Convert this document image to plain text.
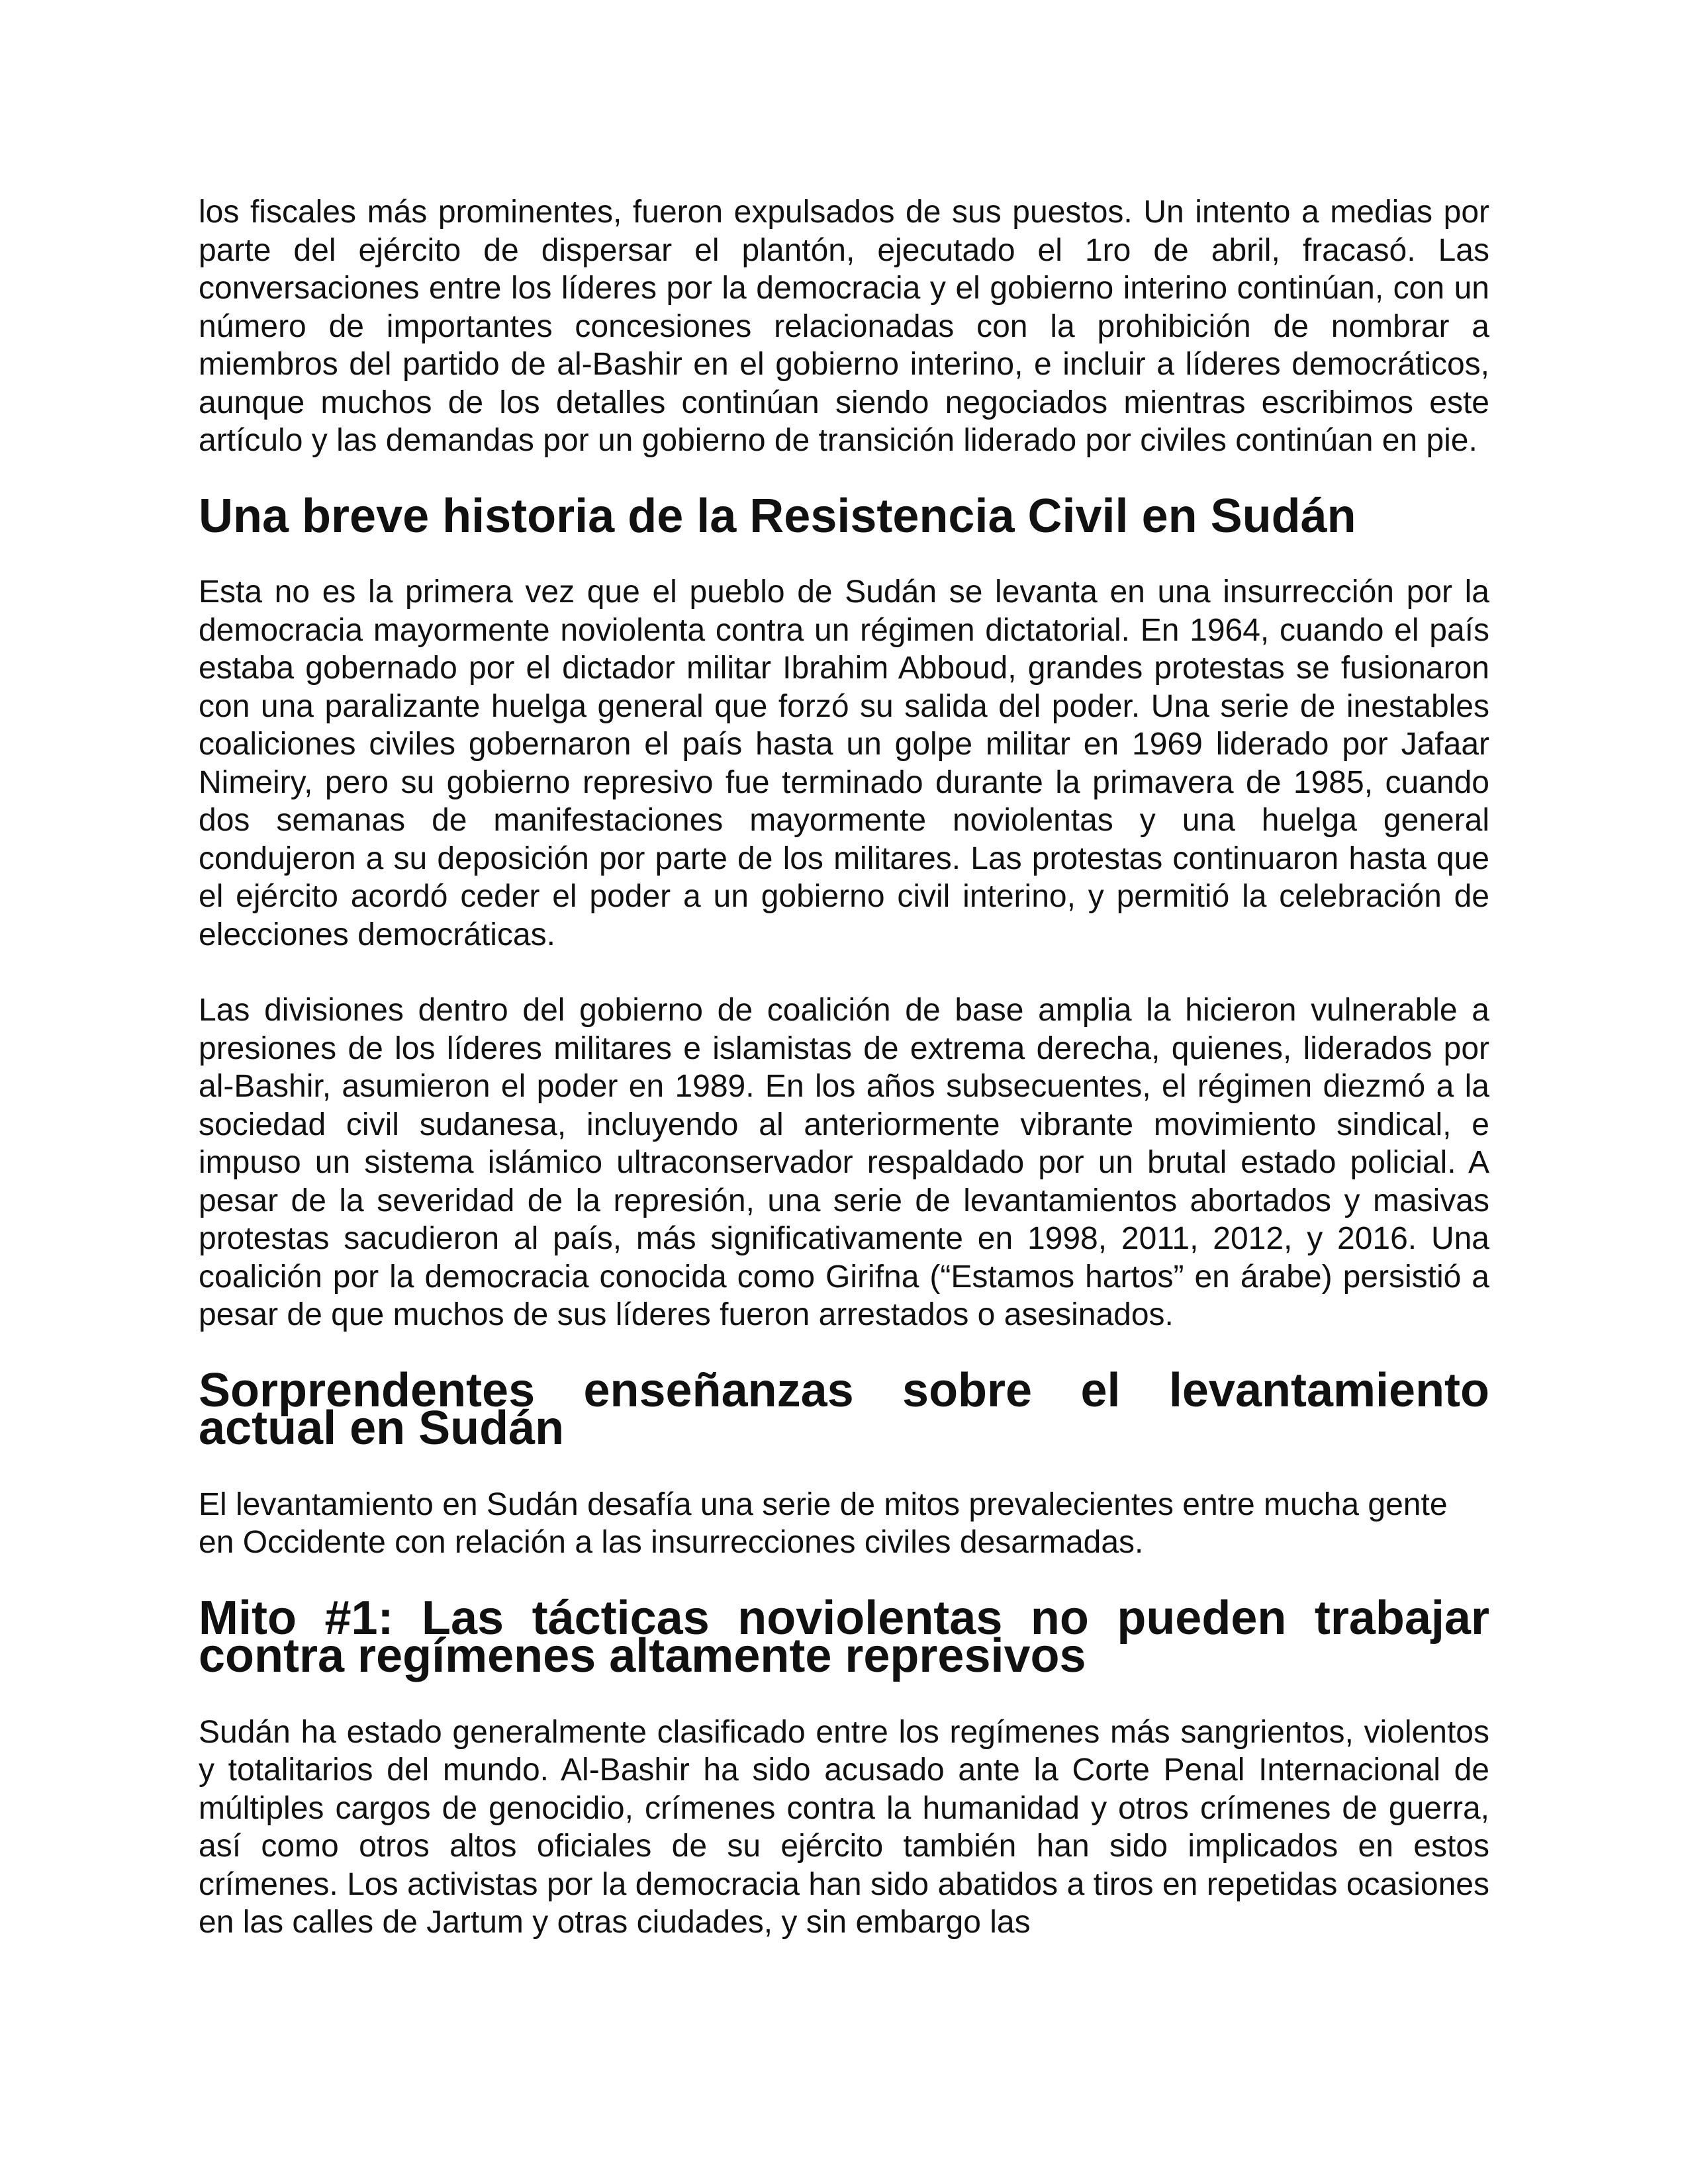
los fiscales más prominentes, fueron expulsados de sus puestos. Un intento a medias por parte del ejército de dispersar el plantón, ejecutado el 1ro de abril, fracasó. Las conversaciones entre los líderes por la democracia y el gobierno interino continúan, con un número de importantes concesiones relacionadas con la prohibición de nombrar a miembros del partido de al-Bashir en el gobierno interino, e incluir a líderes democráticos, aunque muchos de los detalles continúan siendo negociados mientras escribimos este artículo y las demandas por un gobierno de transición liderado por civiles continúan en pie.

Una breve historia de la Resistencia Civil en Sudán

Esta no es la primera vez que el pueblo de Sudán se levanta en una insurrección por la democracia mayormente noviolenta contra un régimen dictatorial. En 1964, cuando el país estaba gobernado por el dictador militar Ibrahim Abboud, grandes protestas se fusionaron con una paralizante huelga general que forzó su salida del poder. Una serie de inestables coaliciones civiles gobernaron el país hasta un golpe militar en 1969 liderado por Jafaar Nimeiry, pero su gobierno represivo fue terminado durante la primavera de 1985, cuando dos semanas de manifestaciones mayormente noviolentas y una huelga general condujeron a su deposición por parte de los militares. Las protestas continuaron hasta que el ejército acordó ceder el poder a un gobierno civil interino, y permitió la celebración de elecciones democráticas.

Las divisiones dentro del gobierno de coalición de base amplia la hicieron vulnerable a presiones de los líderes militares e islamistas de extrema derecha, quienes, liderados por al-Bashir, asumieron el poder en 1989. En los años subsecuentes, el régimen diezmó a la sociedad civil sudanesa, incluyendo al anteriormente vibrante movimiento sindical, e impuso un sistema islámico ultraconservador respaldado por un brutal estado policial. A pesar de la severidad de la represión, una serie de levantamientos abortados y masivas protestas sacudieron al país, más significativamente en 1998, 2011, 2012, y 2016. Una coalición por la democracia conocida como Girifna (“Estamos hartos” en árabe) persistió a pesar de que muchos de sus líderes fueron arrestados o asesinados.

Sorprendentes enseñanzas sobre el levantamiento actual en Sudán

El levantamiento en Sudán desafía una serie de mitos prevalecientes entre mucha gente en Occidente con relación a las insurrecciones civiles desarmadas.

Mito #1: Las tácticas noviolentas no pueden trabajar contra regímenes altamente represivos

Sudán ha estado generalmente clasificado entre los regímenes más sangrientos, violentos y totalitarios del mundo. Al-Bashir ha sido acusado ante la Corte Penal Internacional de múltiples cargos de genocidio, crímenes contra la humanidad y otros crímenes de guerra, así como otros altos oficiales de su ejército también han sido implicados en estos crímenes. Los activistas por la democracia han sido abatidos a tiros en repetidas ocasiones en las calles de Jartum y otras ciudades, y sin embargo las
